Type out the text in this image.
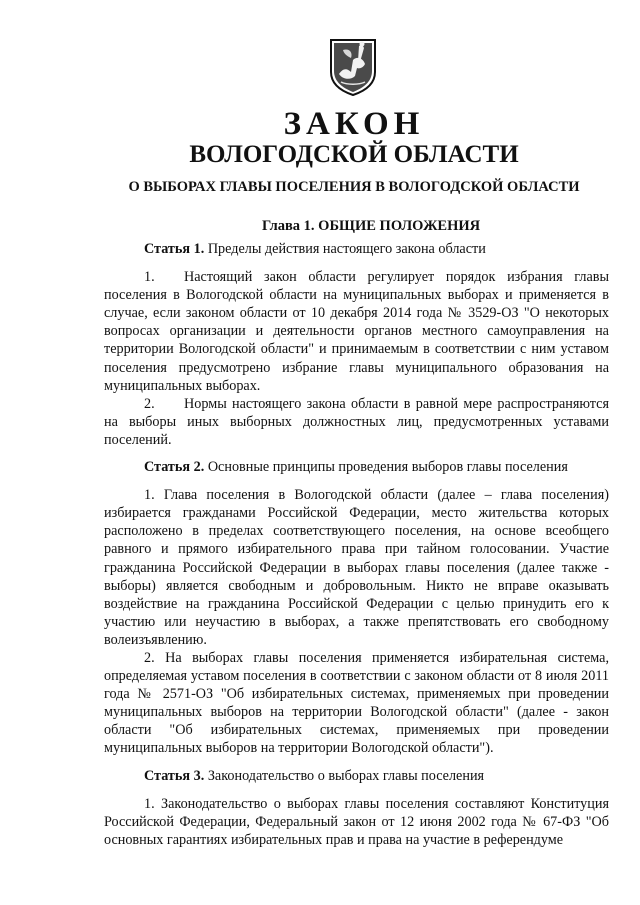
ЗАКОН
ВОЛОГОДСКОЙ ОБЛАСТИ
О ВЫБОРАХ ГЛАВЫ ПОСЕЛЕНИЯ В ВОЛОГОДСКОЙ ОБЛАСТИ
Глава 1. ОБЩИЕ ПОЛОЖЕНИЯ

Статья 1. Пределы действия настоящего закона области

1. Настоящий закон области регулирует порядок избрания главы поселения в Вологодской области на муниципальных выборах и применяется в случае, если законом области от 10 декабря 2014 года № 3529-ОЗ "О некоторых вопросах организации и деятельности органов местного самоуправления на территории Вологодской области" и принимаемым в соответствии с ним уставом поселения предусмотрено избрание главы муниципального образования на муниципальных выборах.

2. Нормы настоящего закона области в равной мере распространяются на выборы иных выборных должностных лиц, предусмотренных уставами поселений.

Статья 2. Основные принципы проведения выборов главы поселения

1. Глава поселения в Вологодской области (далее – глава поселения) избирается гражданами Российской Федерации, место жительства которых расположено в пределах соответствующего поселения, на основе всеобщего равного и прямого избирательного права при тайном голосовании. Участие гражданина Российской Федерации в выборах главы поселения (далее также - выборы) является свободным и добровольным. Никто не вправе оказывать воздействие на гражданина Российской Федерации с целью принудить его к участию или неучастию в выборах, а также препятствовать его свободному волеизъявлению.

2. На выборах главы поселения применяется избирательная система, определяемая уставом поселения в соответствии с законом области от 8 июля 2011 года № 2571-ОЗ "Об избирательных системах, применяемых при проведении муниципальных выборов на территории Вологодской области" (далее - закон области "Об избирательных системах, применяемых при проведении муниципальных выборов на территории Вологодской области").

Статья 3. Законодательство о выборах главы поселения

1. Законодательство о выборах главы поселения составляют Конституция Российской Федерации, Федеральный закон от 12 июня 2002 года № 67-ФЗ "Об основных гарантиях избирательных прав и права на участие в референдуме
